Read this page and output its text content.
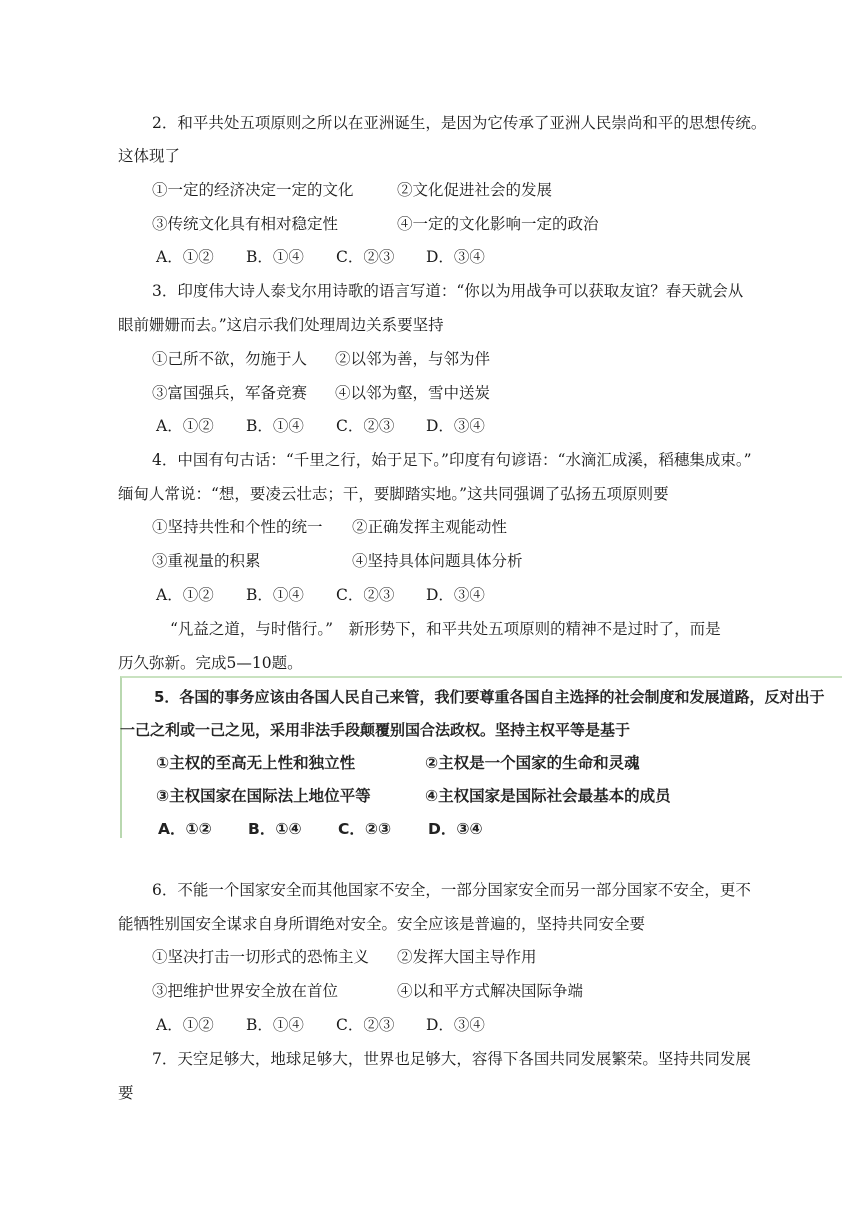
2．和平共处五项原则之所以在亚洲诞生，是因为它传承了亚洲人民崇尚和平的思想传统。
这体现了
①一定的经济决定一定的文化	②文化促进社会的发展
③传统文化具有相对稳定性	④一定的文化影响一定的政治
A．①② B．①④ C．②③ D．③④
3．印度伟大诗人泰戈尔用诗歌的语言写道：“你以为用战争可以获取友谊？春天就会从
眼前姗姗而去。”这启示我们处理周边关系要坚持
①己所不欲，勿施于人 ②以邻为善，与邻为伴
③富国强兵，军备竞赛 ④以邻为壑，雪中送炭
A．①② B．①④ C．②③ D．③④
4．中国有句古话：“千里之行，始于足下。”印度有句谚语：“水滴汇成溪，稻穗集成束。”
缅甸人常说：“想，要凌云壮志；干，要脚踏实地。”这共同强调了弘扬五项原则要
①坚持共性和个性的统一 ②正确发挥主观能动性
③重视量的积累	④坚持具体问题具体分析
A．①② B．①④ C．②③ D．③④
“凡益之道，与时偕行。”　新形势下，和平共处五项原则的精神不是过时了，而是
历久弥新。完成5—10题。
5．各国的事务应该由各国人民自己来管，我们要尊重各国自主选择的社会制度和发展道路，反对出于
一己之利或一己之见，采用非法手段颠覆别国合法政权。坚持主权平等是基于
①主权的至高无上性和独立性	②主权是一个国家的生命和灵魂
③主权国家在国际法上地位平等	④主权国家是国际社会最基本的成员
A．①② B．①④ C．②③ D．③④
6．不能一个国家安全而其他国家不安全，一部分国家安全而另一部分国家不安全，更不
能牺牲别国安全谋求自身所谓绝对安全。安全应该是普遍的，坚持共同安全要
①坚决打击一切形式的恐怖主义 ②发挥大国主导作用
③把维护世界安全放在首位	④以和平方式解决国际争端
A．①② B．①④ C．②③ D．③④
7．天空足够大，地球足够大，世界也足够大，容得下各国共同发展繁荣。坚持共同发展
要
